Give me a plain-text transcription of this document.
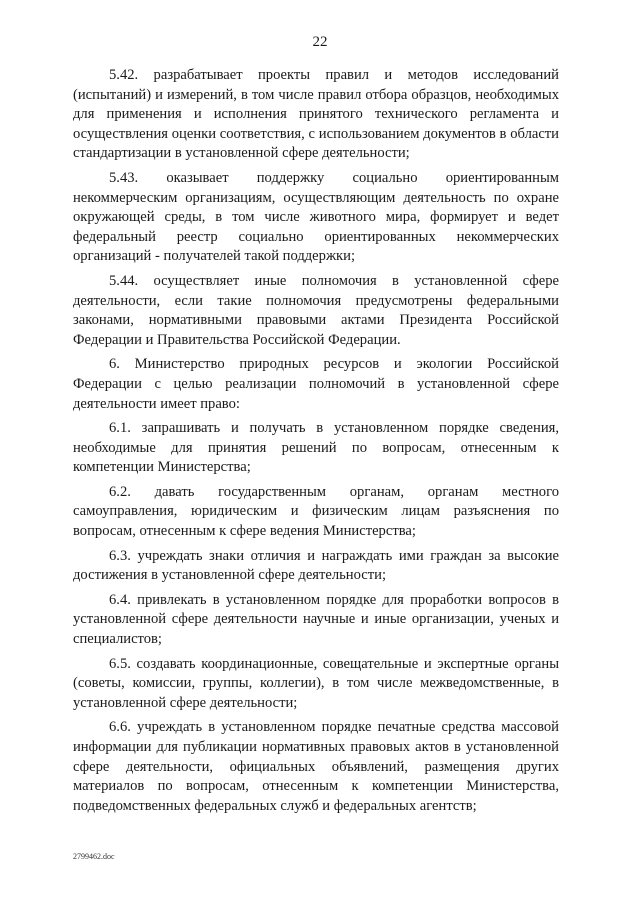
22

5.42. разрабатывает проекты правил и методов исследований (испытаний) и измерений, в том числе правил отбора образцов, необходимых для применения и исполнения принятого технического регламента и осуществления оценки соответствия, с использованием документов в области стандартизации в установленной сфере деятельности;

5.43. оказывает поддержку социально ориентированным некоммерческим организациям, осуществляющим деятельность по охране окружающей среды, в том числе животного мира, формирует и ведет федеральный реестр социально ориентированных некоммерческих организаций - получателей такой поддержки;

5.44. осуществляет иные полномочия в установленной сфере деятельности, если такие полномочия предусмотрены федеральными законами, нормативными правовыми актами Президента Российской Федерации и Правительства Российской Федерации.

6. Министерство природных ресурсов и экологии Российской Федерации с целью реализации полномочий в установленной сфере деятельности имеет право:

6.1. запрашивать и получать в установленном порядке сведения, необходимые для принятия решений по вопросам, отнесенным к компетенции Министерства;

6.2. давать государственным органам, органам местного самоуправления, юридическим и физическим лицам разъяснения по вопросам, отнесенным к сфере ведения Министерства;

6.3. учреждать знаки отличия и награждать ими граждан за высокие достижения в установленной сфере деятельности;

6.4. привлекать в установленном порядке для проработки вопросов в установленной сфере деятельности научные и иные организации, ученых и специалистов;

6.5. создавать координационные, совещательные и экспертные органы (советы, комиссии, группы, коллегии), в том числе межведомственные, в установленной сфере деятельности;

6.6. учреждать в установленном порядке печатные средства массовой информации для публикации нормативных правовых актов в установленной сфере деятельности, официальных объявлений, размещения других материалов по вопросам, отнесенным к компетенции Министерства, подведомственных федеральных служб и федеральных агентств;

2799462.doc
